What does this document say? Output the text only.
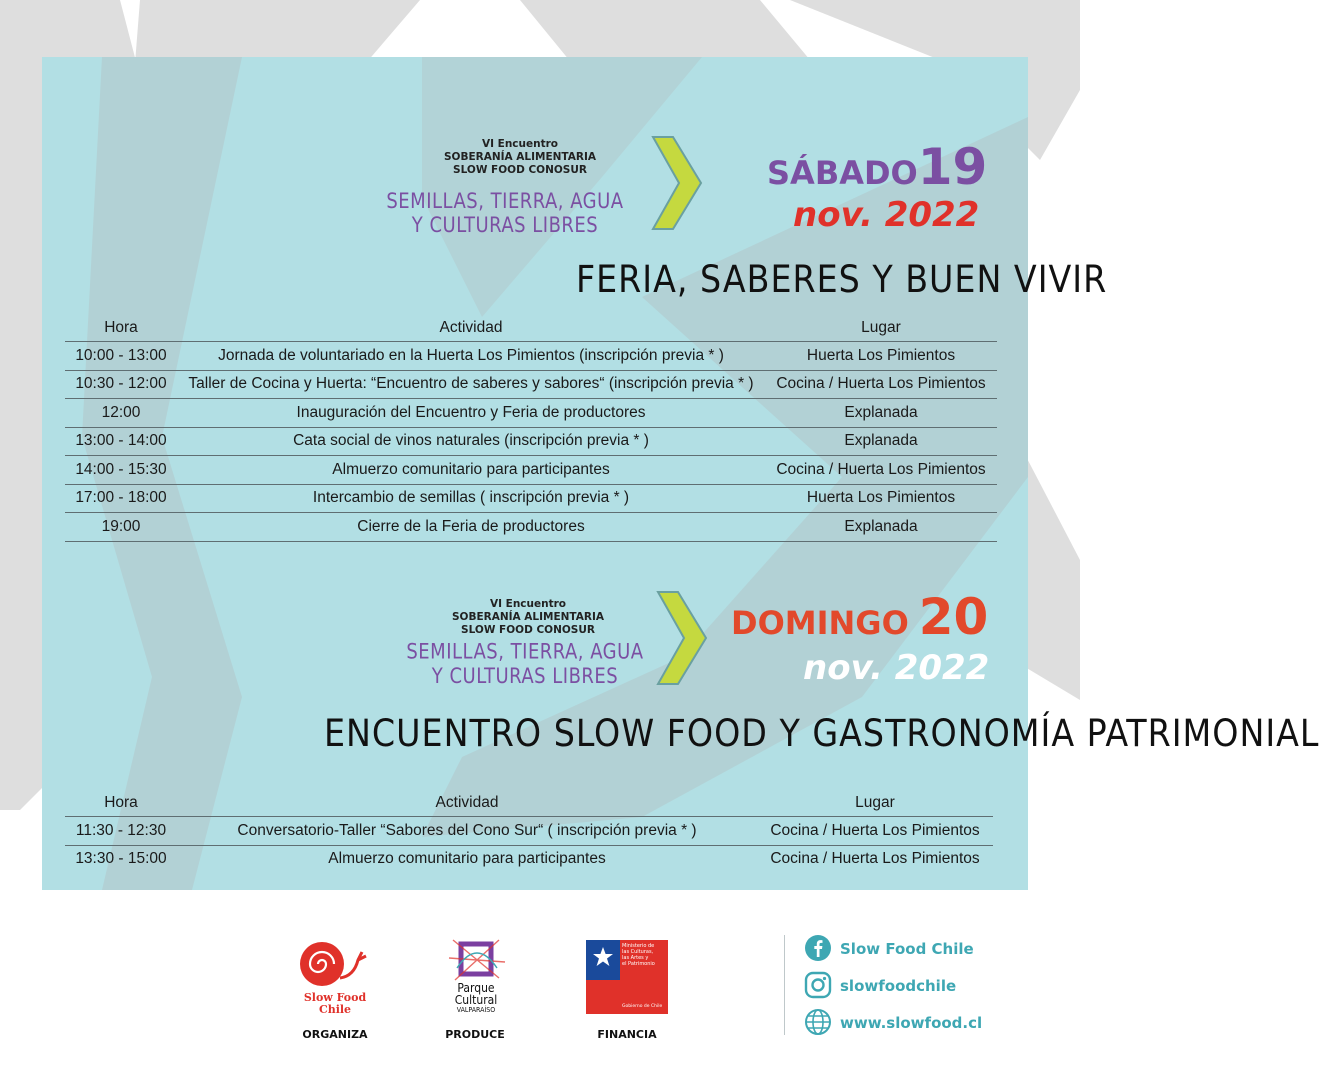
VI Encuentro
SOBERANÍA ALIMENTARIA
SLOW FOOD CONOSUR
SEMILLAS, TIERRA, AGUA
Y CULTURAS LIBRES
SÁBADO19
nov. 2022
FERIA, SABERES Y BUEN VIVIR
Hora	Actividad	Lugar
10:00 - 13:00	Jornada de voluntariado en la Huerta Los Pimientos (inscripción previa * )	Huerta Los Pimientos
10:30 - 12:00	Taller de Cocina y Huerta: “Encuentro de saberes y sabores“ (inscripción previa * )	Cocina / Huerta Los Pimientos
12:00	Inauguración del Encuentro y Feria de productores	Explanada
13:00 - 14:00	Cata social de vinos naturales (inscripción previa * )	Explanada
14:00 - 15:30	Almuerzo comunitario para participantes	Cocina / Huerta Los Pimientos
17:00 - 18:00	Intercambio de semillas ( inscripción previa * )	Huerta Los Pimientos
19:00	Cierre de la Feria de productores	Explanada
VI Encuentro
SOBERANÍA ALIMENTARIA
SLOW FOOD CONOSUR
SEMILLAS, TIERRA, AGUA
Y CULTURAS LIBRES
DOMINGO 20
nov. 2022
ENCUENTRO SLOW FOOD Y GASTRONOMÍA PATRIMONIAL
Hora	Actividad	Lugar
11:30 - 12:30	Conversatorio-Taller “Sabores del Cono Sur“ ( inscripción previa * )	Cocina / Huerta Los Pimientos
13:30 - 15:00	Almuerzo comunitario para participantes	Cocina / Huerta Los Pimientos
Slow Food
Chile
ORGANIZA
Parque
Cultural
VALPARAÍSO
PRODUCE
Ministerio de
las Culturas,
las Artes y
el Patrimonio
Gobierno de Chile
FINANCIA
Slow Food Chile
slowfoodchile
www.slowfood.cl
